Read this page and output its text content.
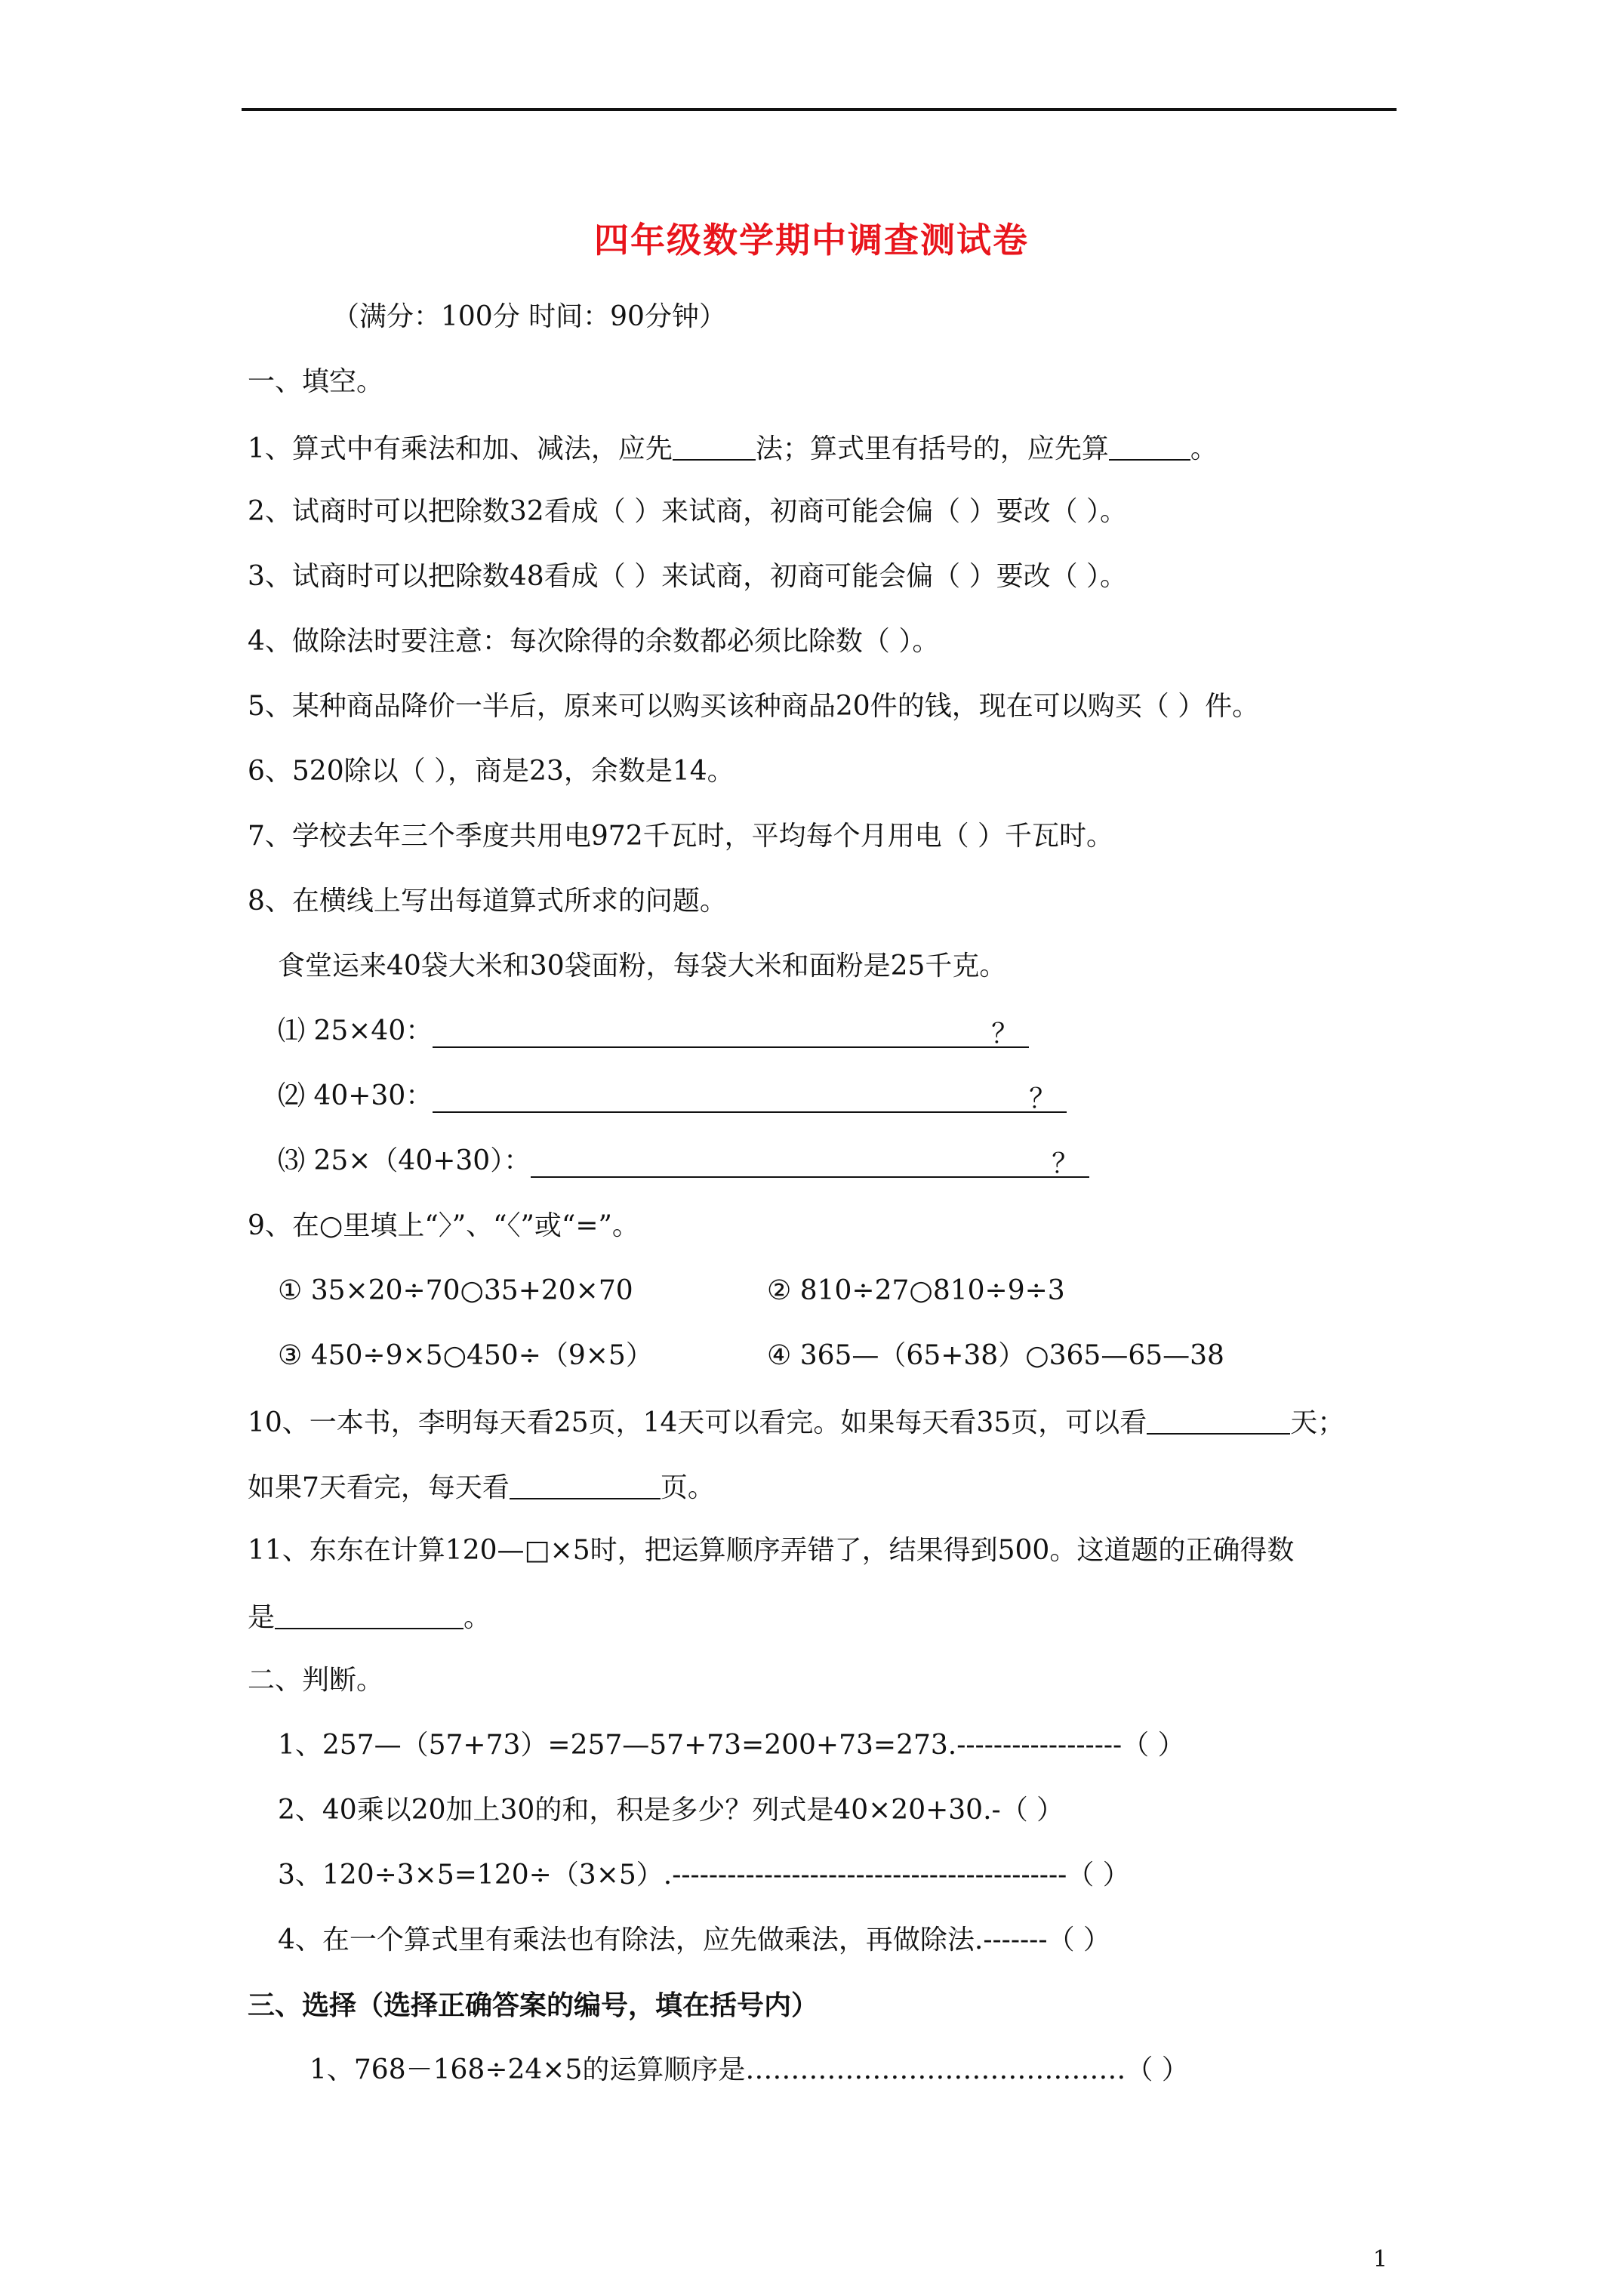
四年级数学期中调查测试卷
（满分：100分 时间：90分钟）
一、填空。
1、算式中有乘法和加、减法，应先	法；算式里有括号的，应先算	。
2、试商时可以把除数32看成（ ）来试商，初商可能会偏（ ）要改（ ）。
3、试商时可以把除数48看成（ ）来试商，初商可能会偏（ ）要改（ ）。
4、做除法时要注意：每次除得的余数都必须比除数（ ）。
5、某种商品降价一半后，原来可以购买该种商品20件的钱，现在可以购买（ ）件。
6、520除以（ ），商是23，余数是14。
7、学校去年三个季度共用电972千瓦时，平均每个月用电（ ）千瓦时。
8、在横线上写出每道算式所求的问题。
食堂运来40袋大米和30袋面粉，每袋大米和面粉是25千克。
⑴ 25×40：	？
⑵ 40+30：	？
⑶ 25×（40+30）：	？
9、在○里填上“〉”、“〈”或“=”。
① 35×20÷70○35+20×70	② 810÷27○810÷9÷3
③ 450÷9×5○450÷（9×5）	④ 365—（65+38）○365—65—38
10、一本书，李明每天看25页，14天可以看完。如果每天看35页，可以看	天；
如果7天看完，每天看	页。
11、东东在计算120—□×5时，把运算顺序弄错了，结果得到500。这道题的正确得数
是	。
二、判断。
1、257—（57+73）=257—57+73=200+73=273.------------------（ ）
2、40乘以20加上30的和，积是多少？列式是40×20+30.-（ ）
3、120÷3×5=120÷（3×5）.-------------------------------------------（ ）
4、在一个算式里有乘法也有除法，应先做乘法，再做除法.-------（ ）
三、选择（选择正确答案的编号，填在括号内）
1、768－168÷24×5的运算顺序是……………………………………（ ）
1
